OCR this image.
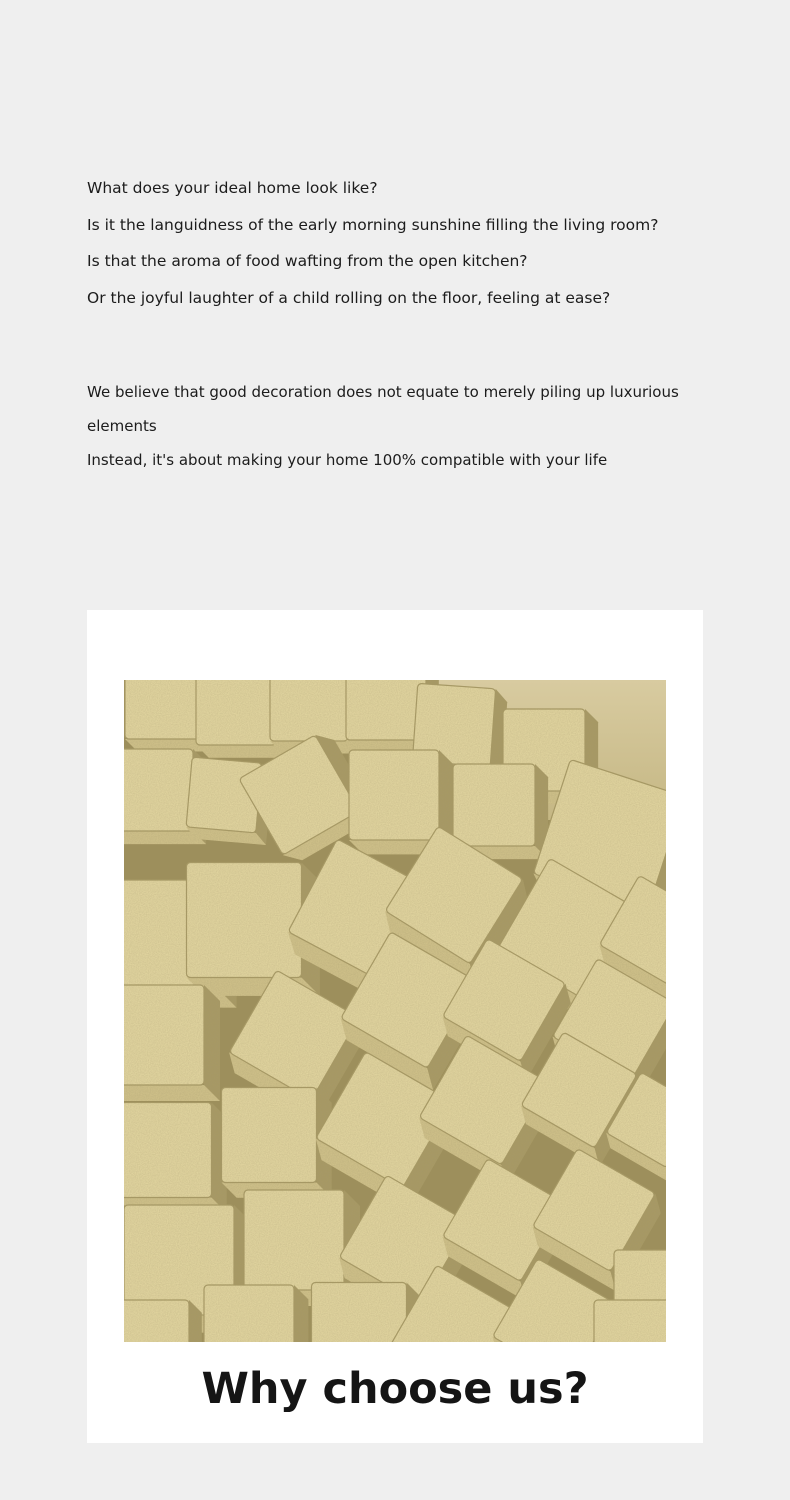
What does your ideal home look like?

Is it the languidness of the early morning sunshine filling the living room?

Is that the aroma of food wafting from the open kitchen?

Or the joyful laughter of a child rolling on the floor, feeling at ease?

We believe that good decoration does not equate to merely piling up luxurious elements

Instead, it's about making your home 100% compatible with your life

Why choose us?
